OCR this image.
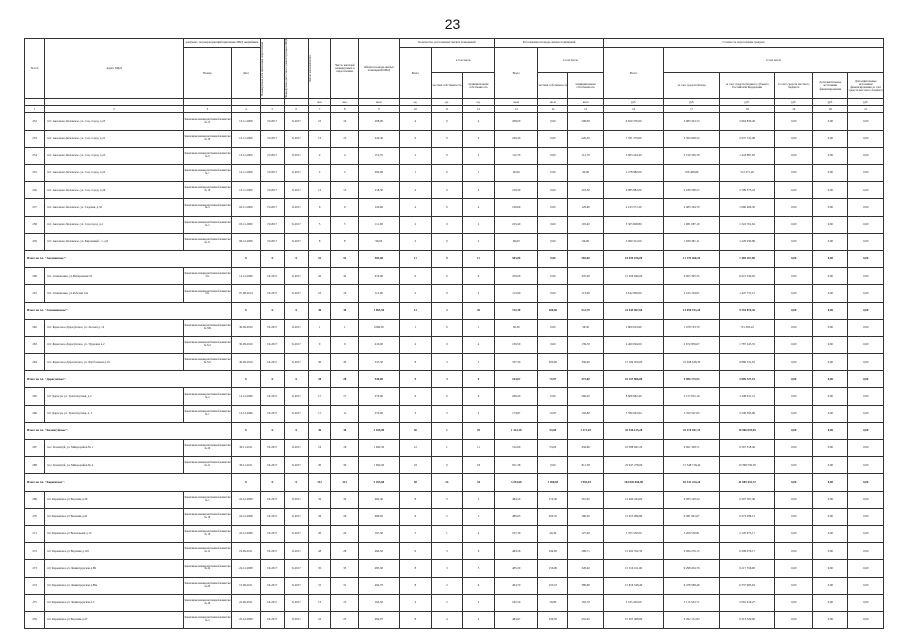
23
№ п/п	Адрес МКД	документ, подтверждающий признание МКД аварийным		Планируемая дата окончания переселения	Планируемая дата сноса/ реконструкции МКД	Число жителей всего	Число жителей планируемых к переселению	Общая площадь жилых помещений МКД	Количество расселяемых жилых помещений			Расселяемая площадь жилых помещений			Стоимость переселения граждан					
		Номер	Дата						Всего	в том числе		Всего	в том числе		Всего	в том числе				
										частная собственность	муниципальная собственность		частная собственность	муниципальная собственность		за счет средств Фонда	за счет средств бюджета субъекта Российской Федерации	за счет средств местного бюджета	Дополнительные источники финансирования	Дополнительные источники финансирования за счет средств местного бюджета
						чел.	чел.	кв.м	ед.	ед.	ед.	кв.м	кв.м	кв.м	руб.	руб.	руб.	руб.	руб.	руб.
1	2	3	4	5	6	7	8	9	10	11	12	13	14	15	16	17	18	19	20	21
252	пгт. Аксеново-Зиловское, ул. Соц. город, д.25	Заключение межведомственной комиссии № 15	13.11.2009	IV.2017	Х.2017	10	10	208,00	4	0	4	208,00	0,00	208,00	6 650 376,00	3 983 323,74	2 664 830,26	0,00	0,00	0,00
253	пгт. Аксеново-Зиловское, ул. Соц. город, д.21	Заключение межведомственной комиссии № 18	13.11.2009	IV.2017	Х.2017	13	13	229,30	6	0	6	229,30	0,00	229,30	7 331 379,60	4 393 638,52	2 937 741,08	0,00	0,00	0,00
254	пгт. Аксеново-Зиловское, ул. Соц. город, д.23	Заключение межведомственной комиссии № 8	13.11.2009	IV.2017	Х.2017	4	4	112,70	2	0	2	112,70	0,00	112,70	3 603 244,40	2 159 356,78	1 443 887,62	0,00	0,00	0,00
255	пгт. Аксеново-Зиловское, ул. Соц. город, д.22	Заключение межведомственной комиссии № 7	13.11.2009	IV.2017	Х.2017	2	2	282,90	1	0	1	40,00	0,00	40,00	1 278 880,00	766 408,80	512 471,20	0,00	0,00	0,00
256	пгт. Аксеново-Зиловское, ул. Соц. город, д.26	Заключение межведомственной комиссии № 19	13.11.2009	IV.2017	Х.2017	13	13	218,30	4	0	4	218,30	0,00	218,30	6 985 882,00	4 186 508,57	2 799 373,43	0,00	0,00	0,00
257	пгт. Аксеново-Зиловское, ул. Садовая, д.32	Заключение межведомственной комиссии № 4	02.11.2009	IV.2017	Х.2017	6	6	129,60	4	0	4	129,60	0,00	129,60	4 143 571,20	2 483 164,70	1 660 406,50	0,00	0,00	0,00
258	пгт. Аксеново-Зиловское, ул. Соц.город, д.2	Заключение межведомственной комиссии № 2	03.11.2009	IV.2017	Х.2017	5	5	111,90	2	0	2	103,40	0,00	103,40	3 305 848,80	1 981 087,19	1 324 761,62	0,00	0,00	0,00
259	пгт. Аксеново-Зиловское, ул. Кировский - 1, д.8	Заключение межведомственной комиссии № 51	06.12.2009	IV.2017	Х.2017	8	8	96,00	2	0	2	96,00	0,00	96,00	3 069 312,00	1 839 381,11	1 229 930,89	0,00	0,00	0,00
Итого по г.п. "Аксеновское":			Х	Х	Х	52	52	583,00	11	0	11	583,00	0,00	583,00	18 639 676,00	11 170 460,20	7 469 267,80	0,00	0,00	0,00
260	пгт. Атамановка, ул.Набережная 25	Заключение межведомственной комиссии б/н	13.12.2006	IX.2017	Х.2017	42	42	470,00	9	0	9	470,00	0,00	470,00	15 026 840,00	9 005 365,35	6 021 530,65	0,00	0,00	0,00
261	пгт. Атамановка, ул.Рабочая 12а	Заключение межведомственной комиссии б/н	07.08.2014	IX.2017	Х.2017	10	10	113,00	2	0	2	113,00	0,00	113,00	3 612 836,00	2 165 104,97	1 447 731,15	0,00	0,00	0,00
Итого по г.п. "Атамановское":			Х	Х	Х	40	40	1 965,50	13	2	20	732,30	200,60	531,70	23 445 067,60	14 050 193,24	9 394 870,36	0,00	0,00	0,00
262	пгт. Береговое-Дарасунское, ул. Лесная д. 12	Заключение межведомственной комиссии № 309	30.09.2010	IX.2017	Х.2017	1	1	1069,30	1	0	1	36,30	0,00	36,30	1 800 023,60	1 078 723,70	721 303,22	0,00	0,00	0,00
263	пгт. Береговое-Дарасунское, ул. Трудовая д.2	Заключение межведомственной комиссии № 521	30.09.2010	IX.2017	Х.2017	9	9	419,00	4	0	4	139,50	0,00	139,50	4 460 094,00	2 672 839,67	1 787 245,35	0,00	0,00	0,00
264	пгт. Береговое-Дарасунское, ул. Футбольная д.19	Заключение межведомственной комиссии № 522	30.09.2010	IX.2017	Х.2017	30	30	537,50	8	3	5	537,50	200,60	336,90	17 184 950,00	10 298 618,39	6 886 331,81	0,00	0,00	0,00
Итого по г.п. "Дарасунское":			Х	Х	Х	28	28	540,00	9	3	6	164,07	72,87	372,00	16 257 806,86	9 980 175,93	5 689 327,19	0,00	0,00	0,00
265	пгт Дарасун, ул. Транспортная, д.2	Заключение межведомственной комиссии № 2	13.12.2006	IX.2017	Х.2017	17	17	270,00	6	0	6	269,20	0,00	269,20	8 606 862,40	5 157 931,19	3 448 931,21	0,00	0,00	0,00
266	пгт Дарасун, ул. Транспортная, д. 3	Заключение межведомственной комиссии № 1	13.12.2006	IX.2017	Х.2017	11	11	270,00	3	3	2	174,87	72,87	102,80	5 590 943,64	3 350 547,65	2 240 395,99	0,00	0,00	0,00
Итого по г.п. "Калангуйское":			Х	Х	Х	46	46	2 185,00	30	1	29	1 324,18	53,00	1 271,18	42 336 125,28	25 370 047,15	16 966 078,05	0,00	0,00	0,00
267	пос. Калангуй, ул. Микрорайон № 1	Заключение межведомственной комиссии № 20	30.11.2011	IX.2017	Х.2017	16	16	1 092,50	12	1	11	512,60	53,00	459,60	16 388 847,20	9 821 328,71	6 567 518,49	0,00	0,00	0,00
268	пос. Калангуй, ул. Микрорайон № 2	Заключение межведомственной комиссии № 21	30.11.2011	IX.2017	Х.2017	30	30	1 092,50	18	0	18	811,58	0,00	811,58	25 947 278,00	15 548 718,44	10 398 559,56	0,00	0,00	0,00
Итого по г.п. "Карымское":			Х	Х	Х	212	212	5 253,68	58	24	34	3 253,68	1 260,65	1 993,03	104 026 656,96	62 341 224,24	41 685 432,72	0,00	0,00	0,00
269	пгт Карымское ул Верхняя д.39	Заключение межведомственной комиссии № 1	24.12.2008	IX.2017	Х.2017	32	32	484,30	8	3	5	484,50	174,30	310,20	15 490 434,00	9 283 126,54	6 207 307,46	0,00	0,00	0,00
270	пгт Карымское ул Верхняя д.41	Заключение межведомственной комиссии № 18	24.12.2008	IX.2017	Х.2017	26	26	489,65	8	5	3	489,65	300,35	189,30	15 655 089,80	9 381 801,67	6 273 288,13	0,00	0,00	0,00
271	пгт Карымское ул Вокзальная д.13	Заключение межведомственной комиссии № 19	22.12.2008	IX.2017	Х.2017	20	20	167,30	5	1	4	167,30	40,30	127,00	5 355 530,00	3 209 556,81	2 145 973,17	0,00	0,00	0,00
272	пгт Карымское ул Верхняя д.118	Заключение межведомственной комиссии № 22	19.09.2011	IX.2017	Х.2017	28	28	484,56	9	3	6	484,56	194,85	289,71	15 492 352,32	9 284 276,15	6 208 076,17	0,00	0,00	0,00
273	пгт Карымское ул Ленинградская д.89	Заключение межведомственной комиссии № 24	24.12.2008	IX.2017	Х.2017	35	35	485,30	8	3	5	485,30	156,90	328,40	15 516 011,60	9 298 454,70	6 217 556,90	0,00	0,00	0,00
274	пгт Карымское ул Ленинградская д.89а	Заключение межведомственной комиссии № 60	15.09.2011	IX.2017	Х.2017	31	31	494,70	8	2	6	494,70	105,10	389,60	15 816 548,40	9 478 568,46	6 337 985,62	0,00	0,00	0,00
275	пгт Карымское ул Ленинградская д.3	Заключение межведомственной комиссии № 46	22.09.2011	IX.2017	Х.2017	13	13	162,50	4	2	2	162,50	59,80	102,70	5 195 450,00	3 113 533,71	2 081 916,27	0,00	0,00	0,00
276	пгт Карымское ул Верхняя д.47	Заключение межведомственной комиссии № 2	25.12.2008	IX.2017	Х.2017	23	23	484,97	8	4	4	484,97	229,05	255,92	15 505 468,84	9 292 151,84	6 213 329,00	0,00	0,00	0,00
